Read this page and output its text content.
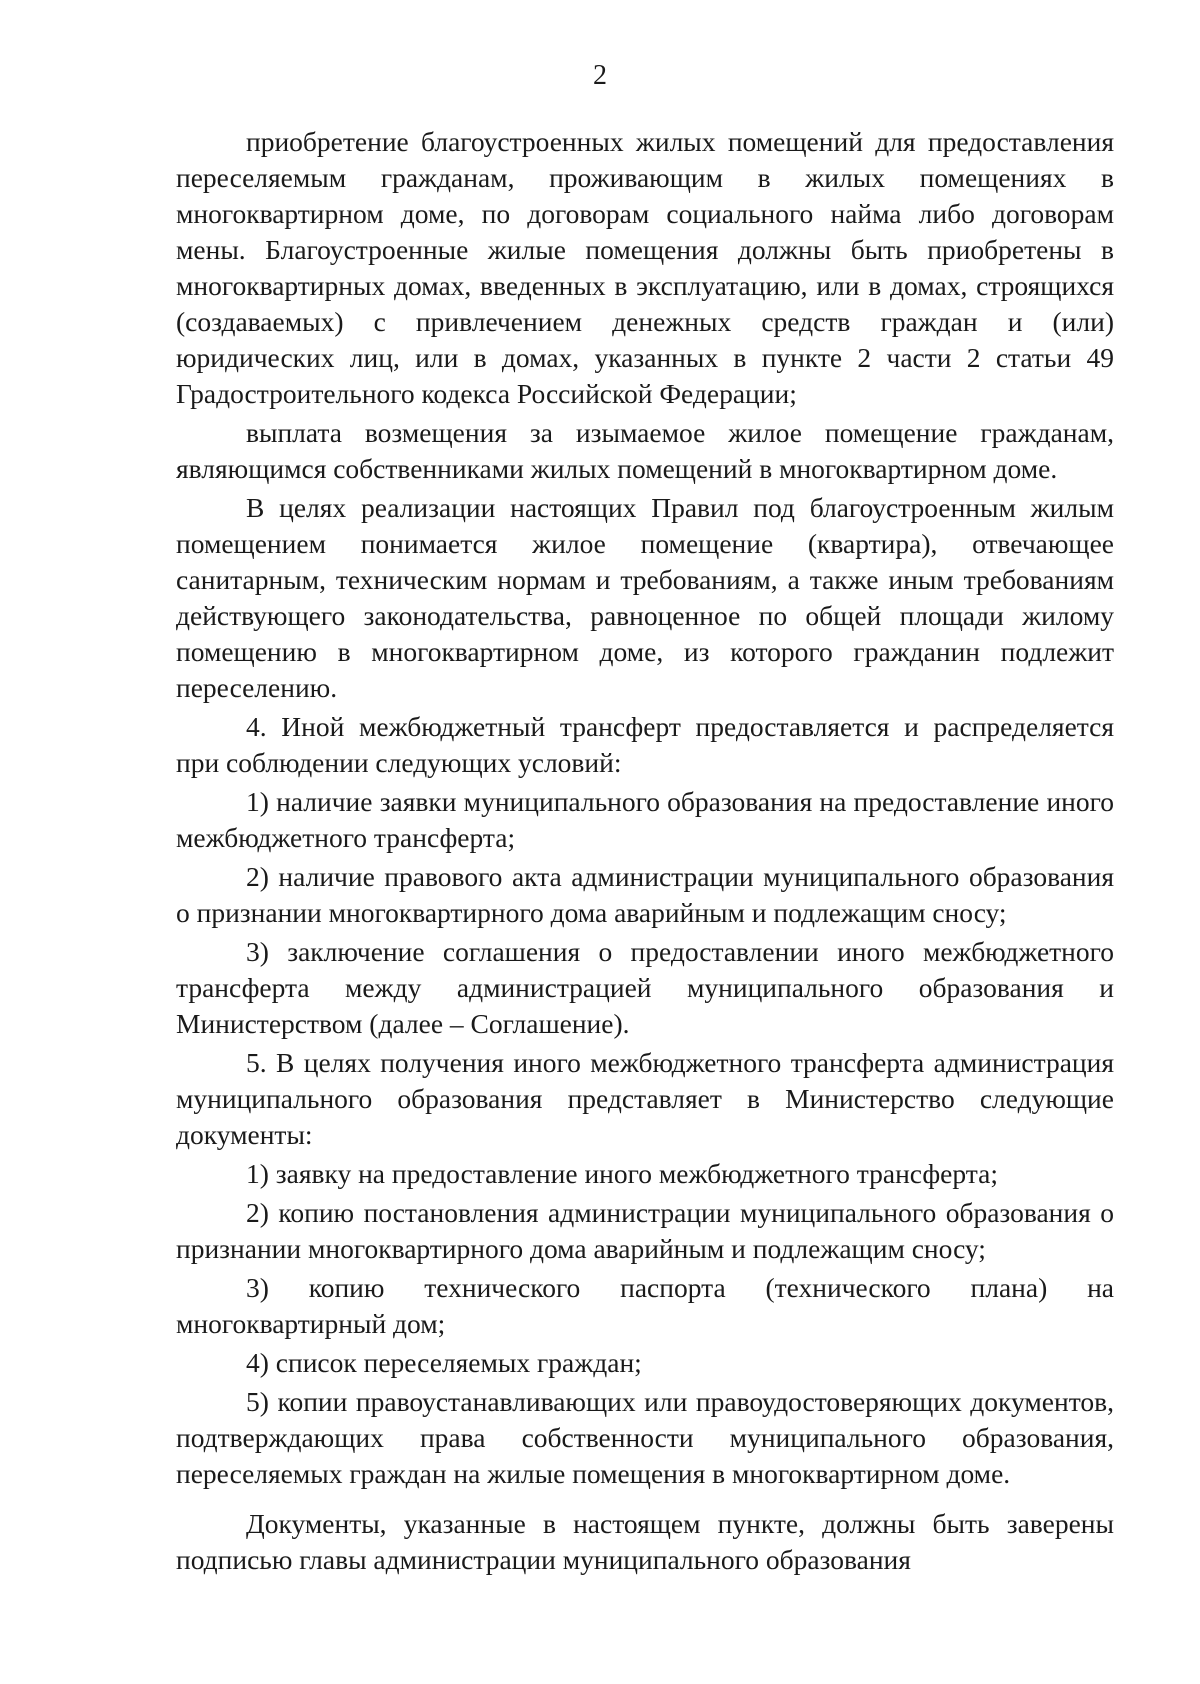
2

приобретение благоустроенных жилых помещений для предоставления переселяемым гражданам, проживающим в жилых помещениях в многоквартирном доме, по договорам социального найма либо договорам мены. Благоустроенные жилые помещения должны быть приобретены в многоквартирных домах, введенных в эксплуатацию, или в домах, строящихся (создаваемых) с привлечением денежных средств граждан и (или) юридических лиц, или в домах, указанных в пункте 2 части 2 статьи 49 Градостроительного кодекса Российской Федерации;

выплата возмещения за изымаемое жилое помещение гражданам, являющимся собственниками жилых помещений в многоквартирном доме.

В целях реализации настоящих Правил под благоустроенным жилым помещением понимается жилое помещение (квартира), отвечающее санитарным, техническим нормам и требованиям, а также иным требованиям действующего законодательства, равноценное по общей площади жилому помещению в многоквартирном доме, из которого гражданин подлежит переселению.

4. Иной межбюджетный трансферт предоставляется и распределяется при соблюдении следующих условий:

1) наличие заявки муниципального образования на предоставление иного межбюджетного трансферта;

2) наличие правового акта администрации муниципального образования о признании многоквартирного дома аварийным и подлежащим сносу;

3) заключение соглашения о предоставлении иного межбюджетного трансферта между администрацией муниципального образования и Министерством (далее – Соглашение).

5. В целях получения иного межбюджетного трансферта администрация муниципального образования представляет в Министерство следующие документы:

1) заявку на предоставление иного межбюджетного трансферта;

2) копию постановления администрации муниципального образования о признании многоквартирного дома аварийным и подлежащим сносу;

3) копию технического паспорта (технического плана) на многоквартирный дом;

4) список переселяемых граждан;

5) копии правоустанавливающих или правоудостоверяющих документов, подтверждающих права собственности муниципального образования, переселяемых граждан на жилые помещения в многоквартирном доме.

Документы, указанные в настоящем пункте, должны быть заверены подписью главы администрации муниципального образования
